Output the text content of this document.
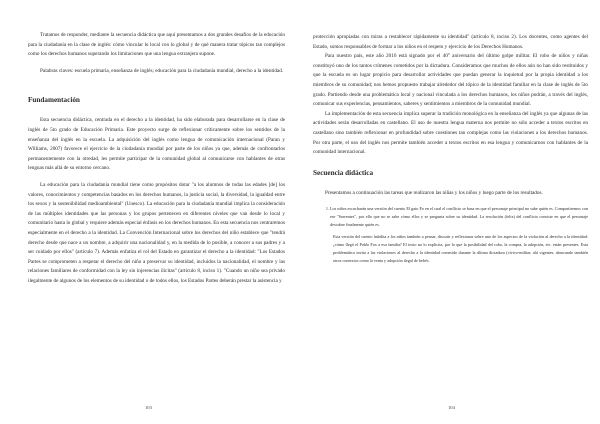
Tratamos de responder, mediante la secuencia didáctica que aquí presentamos a dos grandes desafíos de la educación para la ciudadanía en la clase de inglés: cómo vincular lo local con lo global y de qué manera tratar tópicos tan complejos como los derechos humanos superando los limitaciones que una lengua extranjera supone.

Palabras claves: escuela primaria, enseñanza de inglés; educación para la ciudadanía mundial, derecho a la identidad.

Fundamentación

Esta secuencia didáctica, centrada en el derecho a la identidad, ha sido elaborada para desarrollarse en la clase de inglés de 5to grado de Educación Primaria. Este proyecto surge de reflexionar críticamente sobre los sentidos de la enseñanza del inglés en la escuela. La adquisición del inglés como lengua de comunicación internacional (Paran y Williams, 2007) favorece el ejercicio de la ciudadanía mundial por parte de los niños ya que, además de confrontarlos permanentemente con la otredad, les permite participar de la comunidad global al comunicarse con hablantes de otras lenguas más allá de su entorno cercano.

La educación para la ciudadanía mundial tiene como propósitos dotar "a los alumnos de todas las edades [de] los valores, conocimientos y competencias basados en los derechos humanos, la justicia social, la diversidad, la igualdad entre los sexos y la sostenibilidad medioambiental" (Unesco). La educación para la ciudadanía mundial implica la consideración de las múltiples identidades que las personas y los grupos pertenecen en diferentes niveles que van desde lo local y comunitario hasta lo global y requiere además especial énfasis en los derechos humanos. En esta secuencia nos centraremos especialmente en el derecho a la identidad. La Convención Internacional sobre los derechos del niño establece que "tendrá derecho desde que nace a un nombre, a adquirir una nacionalidad y, en la medida de lo posible, a conocer a sus padres y a ser cuidado por ellos" (artículo 7). Además enfatiza el rol del Estado en garantizar el derecho a la identidad: "Los Estados Partes se comprometen a respetar el derecho del niño a preservar su identidad, incluidos la nacionalidad, el nombre y las relaciones familiares de conformidad con la ley sin injerencias ilícitas" (artículo 8, inciso 1). "Cuando un niño sea privado ilegalmente de algunos de los elementos de su identidad o de todos ellos, los Estados Partes deberán prestar la asistencia y

103

protección apropiadas con miras a restablecer rápidamente su identidad" (artículo 8, inciso 2). Los docentes, como agentes del Estado, somos responsables de formar a los niños en el respeto y ejercicio de los Derechos Humanos.

Para nuestro país, este año 2016 está signado por el 40° aniversario del último golpe militar. El robo de niños y niñas constituyó uno de los tantos crímenes cometidos por la dictadura. Consideramos que muchos de ellos aún no han sido restituidos y que la escuela es un lugar propicio para desarrollar actividades que puedan generar la inquietud por la propia identidad a los miembros de su comunidad; nos hemos propuesto trabajar alrededor del tópico de la identidad familiar en la clase de inglés de 5to grado. Partiendo desde una problemática local y nacional vinculada a los derechos humanos, los niños podrán, a través del inglés, comunicar sus experiencias, pensamientos, saberes y sentimientos a miembros de la comunidad mundial.

La implementación de esta secuencia implica superar la tradición monológica en la enseñanza del inglés ya que algunas de las actividades serán desarrolladas en castellano. El uso de nuestra lengua materna nos permite no sólo acceder a textos escritos en castellano sino también reflexionar en profundidad sobre cuestiones tan complejas como las violaciones a los derechos humanos. Por otra parte, el uso del inglés nos permite también acceder a textos escritos en esa lengua y comunicarnos con hablantes de la comunidad internacional.

Secuencia didáctica

Presentamos a continuación las tareas que realizaron las niñas y los niños y luego parte de los resultados.

1. Los niños escucharán una versión del cuento El gato Fo en el cual el conflicto se basa en que el personaje principal no sabe quién es. Compartiremos con ese "Sorrentes", por ello que no se sabe cómo ellos y se pregunta sobre su identidad. La resolución (feliz) del conflicto consiste en que el personaje descubre finalmente quién es.

Esta versión del cuento habilita a los niños también a pensar, discutir y reflexionar sobre uno de los aspectos de la violación al derecho a la identidad: ¿cómo llegó el Pablo Fox a esa familia? El texto no lo explicita, por lo que la posibilidad del robo, la compra, la adopción, etc. están presentes. Esta problemática invita a las violaciones al derecho a la identidad cometido durante la última dictadura (cívico-militar, ahí vigentes, abarcando también otros contextos como la venta y adopción ilegal de bebés.

104
